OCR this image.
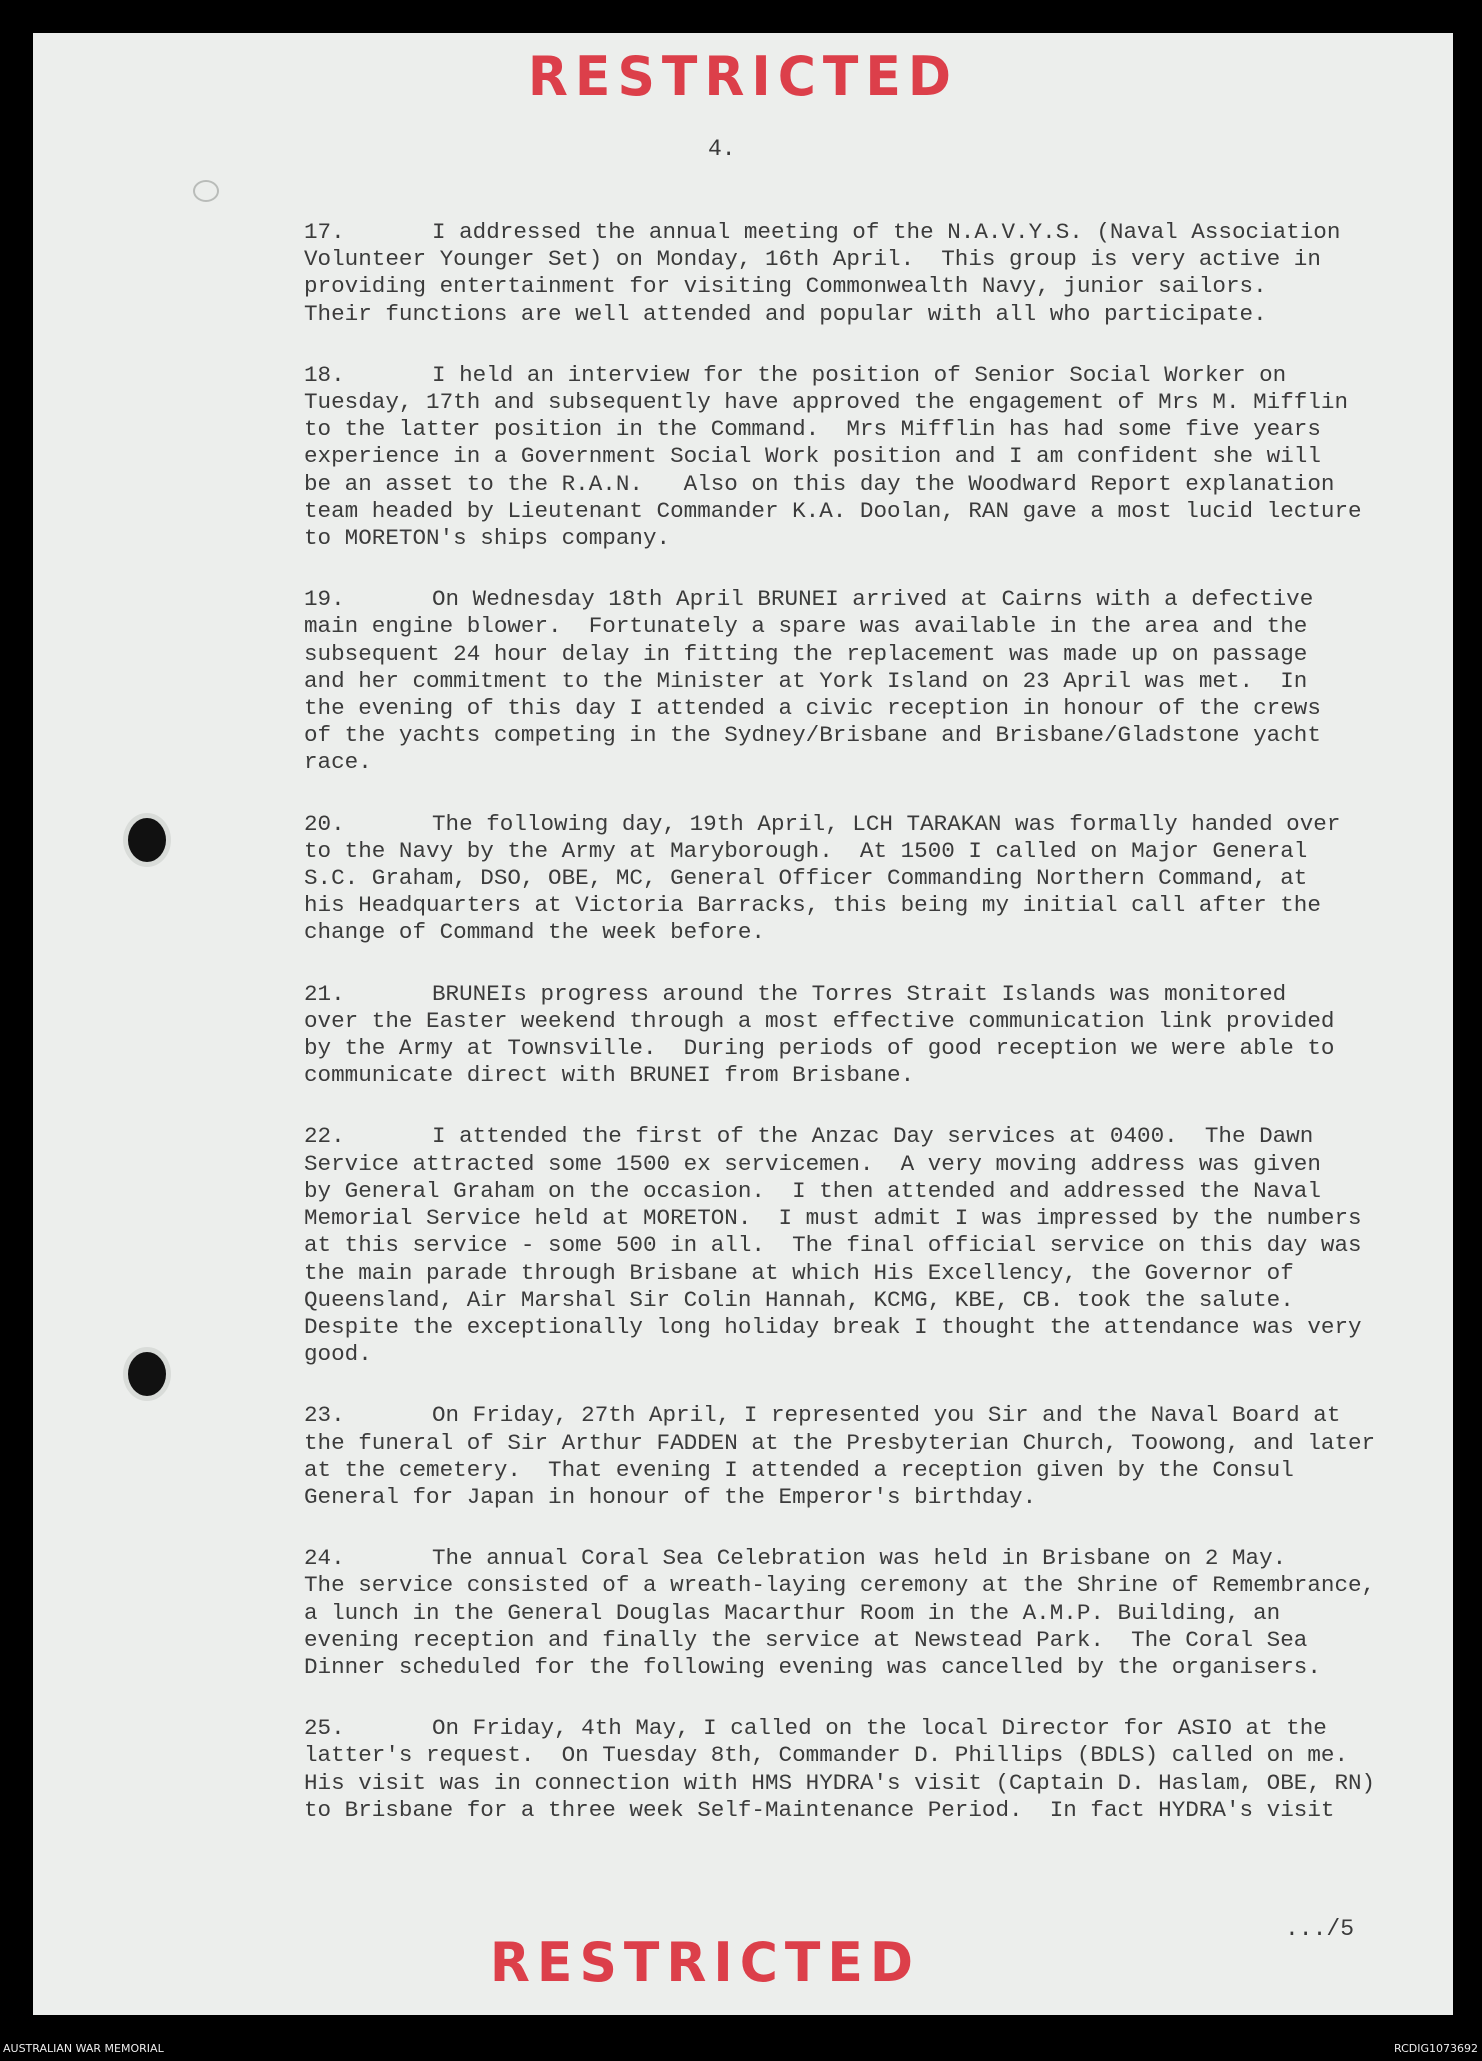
RESTRICTED
4.
17.	I addressed the annual meeting of the N.A.V.Y.S. (Naval Association
Volunteer Younger Set) on Monday, 16th April.  This group is very active in
providing entertainment for visiting Commonwealth Navy, junior sailors.
Their functions are well attended and popular with all who participate.
18.	I held an interview for the position of Senior Social Worker on
Tuesday, 17th and subsequently have approved the engagement of Mrs M. Mifflin
to the latter position in the Command.  Mrs Mifflin has had some five years
experience in a Government Social Work position and I am confident she will
be an asset to the R.A.N.   Also on this day the Woodward Report explanation
team headed by Lieutenant Commander K.A. Doolan, RAN gave a most lucid lecture
to MORETON's ships company.
19.	On Wednesday 18th April BRUNEI arrived at Cairns with a defective
main engine blower.  Fortunately a spare was available in the area and the
subsequent 24 hour delay in fitting the replacement was made up on passage
and her commitment to the Minister at York Island on 23 April was met.  In
the evening of this day I attended a civic reception in honour of the crews
of the yachts competing in the Sydney/Brisbane and Brisbane/Gladstone yacht
race.
20.	The following day, 19th April, LCH TARAKAN was formally handed over
to the Navy by the Army at Maryborough.  At 1500 I called on Major General
S.C. Graham, DSO, OBE, MC, General Officer Commanding Northern Command, at
his Headquarters at Victoria Barracks, this being my initial call after the
change of Command the week before.
21.	BRUNEIs progress around the Torres Strait Islands was monitored
over the Easter weekend through a most effective communication link provided
by the Army at Townsville.  During periods of good reception we were able to
communicate direct with BRUNEI from Brisbane.
22.	I attended the first of the Anzac Day services at 0400.  The Dawn
Service attracted some 1500 ex servicemen.  A very moving address was given
by General Graham on the occasion.  I then attended and addressed the Naval
Memorial Service held at MORETON.  I must admit I was impressed by the numbers
at this service - some 500 in all.  The final official service on this day was
the main parade through Brisbane at which His Excellency, the Governor of
Queensland, Air Marshal Sir Colin Hannah, KCMG, KBE, CB. took the salute.
Despite the exceptionally long holiday break I thought the attendance was very
good.
23.	On Friday, 27th April, I represented you Sir and the Naval Board at
the funeral of Sir Arthur FADDEN at the Presbyterian Church, Toowong, and later
at the cemetery.  That evening I attended a reception given by the Consul
General for Japan in honour of the Emperor's birthday.
24.	The annual Coral Sea Celebration was held in Brisbane on 2 May.
The service consisted of a wreath-laying ceremony at the Shrine of Remembrance,
a lunch in the General Douglas Macarthur Room in the A.M.P. Building, an
evening reception and finally the service at Newstead Park.  The Coral Sea
Dinner scheduled for the following evening was cancelled by the organisers.
25.	On Friday, 4th May, I called on the local Director for ASIO at the
latter's request.  On Tuesday 8th, Commander D. Phillips (BDLS) called on me.
His visit was in connection with HMS HYDRA's visit (Captain D. Haslam, OBE, RN)
to Brisbane for a three week Self-Maintenance Period.  In fact HYDRA's visit
.../5
RESTRICTED
AUSTRALIAN WAR MEMORIAL	RCDIG1073692
